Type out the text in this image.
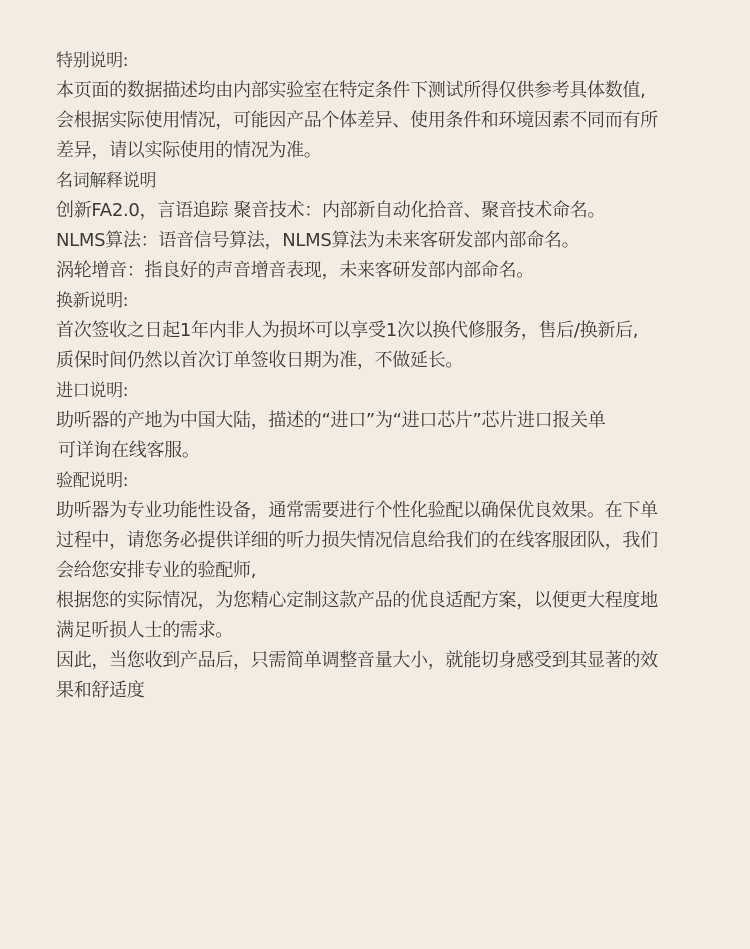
特别说明:
本页面的数据描述均由内部实验室在特定条件下测试所得仅供参考具体数值,
会根据实际使用情况，可能因产品个体差异、使用条件和环境因素不同而有所
差异，请以实际使用的情况为准。
名词解释说明
创新FA2.0，言语追踪 聚音技术：内部新自动化拾音、聚音技术命名。
NLMS算法：语音信号算法，NLMS算法为未来客研发部内部命名。
涡轮增音：指良好的声音增音表现，未来客研发部内部命名。
换新说明:
首次签收之日起1年内非人为损坏可以享受1次以换代修服务，售后/换新后,
质保时间仍然以首次订单签收日期为准，不做延长。
进口说明:
助听器的产地为中国大陆，描述的“进口”为“进口芯片”芯片进口报关单
可详询在线客服。
验配说明:
助听器为专业功能性设备，通常需要进行个性化验配以确保优良效果。在下单
过程中，请您务必提供详细的听力损失情况信息给我们的在线客服团队，我们
会给您安排专业的验配师,
根据您的实际情况，为您精心定制这款产品的优良适配方案，以便更大程度地
满足听损人士的需求。
因此，当您收到产品后，只需简单调整音量大小，就能切身感受到其显著的效
果和舒适度
